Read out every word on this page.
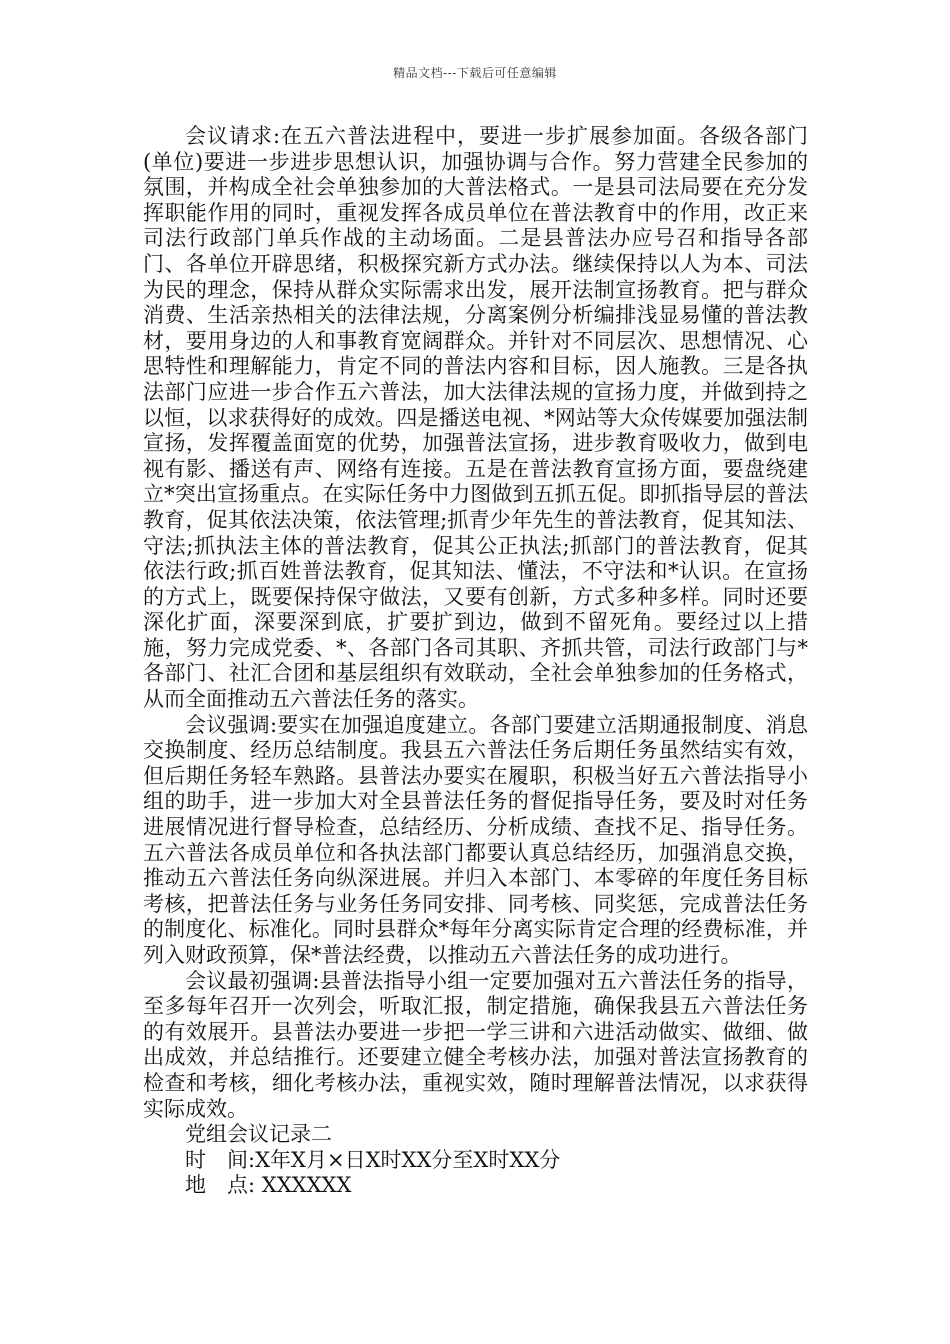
精品文档---下载后可任意编辑

会议请求:在五六普法进程中，要进一步扩展参加面。各级各部门(单位)要进一步进步思想认识，加强协调与合作。努力营建全民参加的氛围，并构成全社会单独参加的大普法格式。一是县司法局要在充分发挥职能作用的同时，重视发挥各成员单位在普法教育中的作用，改正来司法行政部门单兵作战的主动场面。二是县普法办应号召和指导各部门、各单位开辟思绪，积极探究新方式办法。继续保持以人为本、司法为民的理念，保持从群众实际需求出发，展开法制宣扬教育。把与群众消费、生活亲热相关的法律法规，分离案例分析编排浅显易懂的普法教材，要用身边的人和事教育宽阔群众。并针对不同层次、思想情况、心思特性和理解能力，肯定不同的普法内容和目标，因人施教。三是各执法部门应进一步合作五六普法，加大法律法规的宣扬力度，并做到持之以恒，以求获得好的成效。四是播送电视、*网站等大众传媒要加强法制宣扬，发挥覆盖面宽的优势，加强普法宣扬，进步教育吸收力，做到电视有影、播送有声、网络有连接。五是在普法教育宣扬方面，要盘绕建立*突出宣扬重点。在实际任务中力图做到五抓五促。即抓指导层的普法教育，促其依法决策，依法管理;抓青少年先生的普法教育，促其知法、守法;抓执法主体的普法教育，促其公正执法;抓部门的普法教育，促其依法行政;抓百姓普法教育，促其知法、懂法，不守法和*认识。在宣扬的方式上，既要保持保守做法，又要有创新，方式多种多样。同时还要深化扩面，深要深到底，扩要扩到边，做到不留死角。要经过以上措施，努力完成党委、*、各部门各司其职、齐抓共管，司法行政部门与*各部门、社汇合团和基层组织有效联动，全社会单独参加的任务格式，从而全面推动五六普法任务的落实。

会议强调:要实在加强追度建立。各部门要建立活期通报制度、消息交换制度、经历总结制度。我县五六普法任务后期任务虽然结实有效，但后期任务轻车熟路。县普法办要实在履职，积极当好五六普法指导小组的助手，进一步加大对全县普法任务的督促指导任务，要及时对任务进展情况进行督导检查，总结经历、分析成绩、查找不足、指导任务。五六普法各成员单位和各执法部门都要认真总结经历，加强消息交换，推动五六普法任务向纵深进展。并归入本部门、本零碎的年度任务目标考核，把普法任务与业务任务同安排、同考核、同奖惩，完成普法任务的制度化、标准化。同时县群众*每年分离实际肯定合理的经费标准，并列入财政预算，保*普法经费，以推动五六普法任务的成功进行。

会议最初强调:县普法指导小组一定要加强对五六普法任务的指导，至多每年召开一次列会，听取汇报，制定措施，确保我县五六普法任务的有效展开。县普法办要进一步把一学三讲和六进活动做实、做细、做出成效，并总结推行。还要建立健全考核办法，加强对普法宣扬教育的检查和考核，细化考核办法，重视实效，随时理解普法情况，以求获得实际成效。

党组会议记录二

时　间:X年X月×日X时XX分至X时XX分

地　点: XXXXXX
